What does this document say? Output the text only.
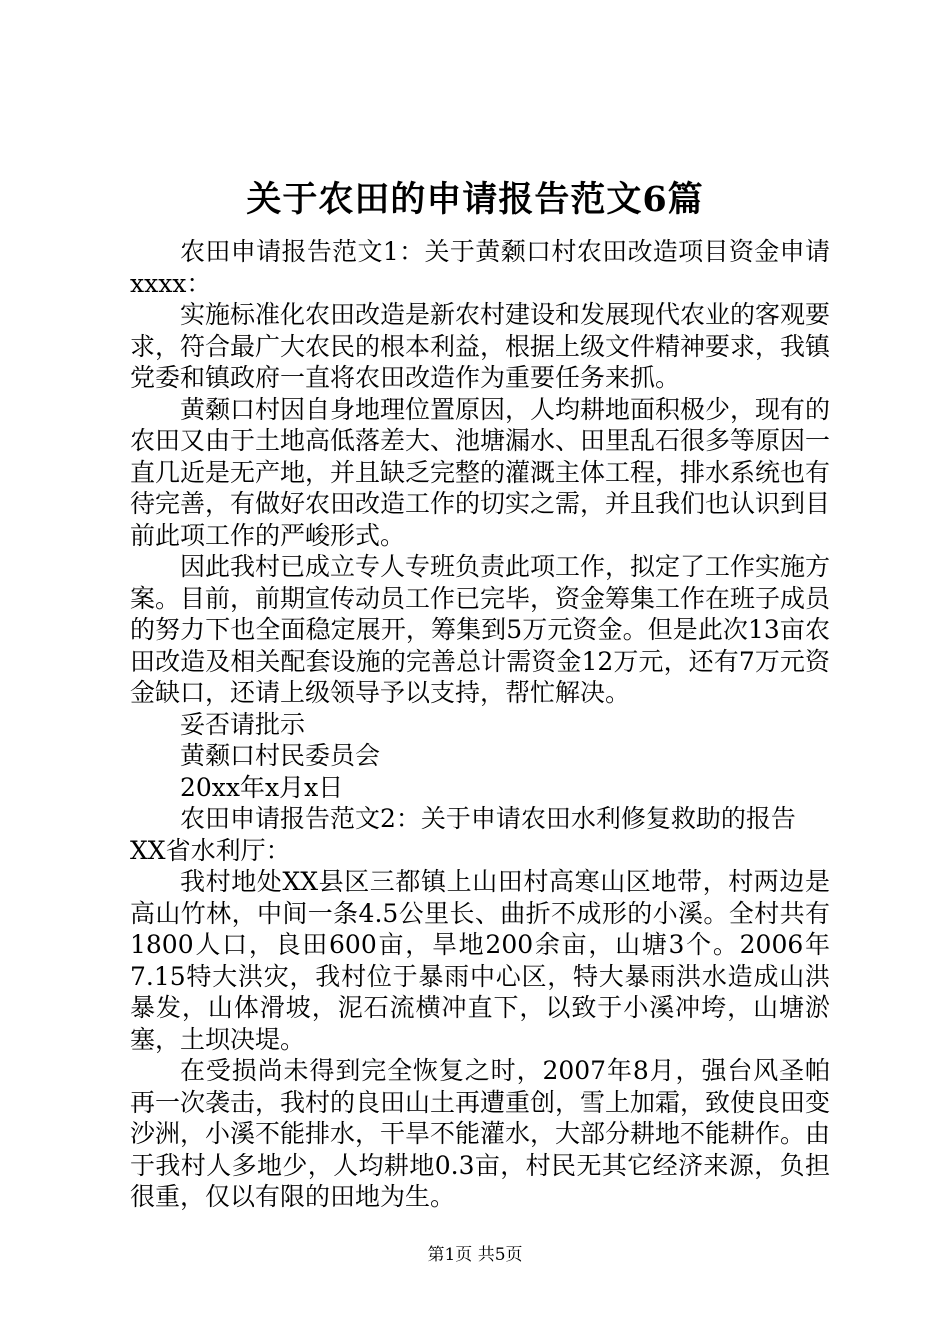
关于农田的申请报告范文6篇

农田申请报告范文1：关于黄颡口村农田改造项目资金申请xxxx：

实施标准化农田改造是新农村建设和发展现代农业的客观要求，符合最广大农民的根本利益，根据上级文件精神要求，我镇党委和镇政府一直将农田改造作为重要任务来抓。

黄颡口村因自身地理位置原因，人均耕地面积极少，现有的农田又由于土地高低落差大、池塘漏水、田里乱石很多等原因一直几近是无产地，并且缺乏完整的灌溉主体工程，排水系统也有待完善，有做好农田改造工作的切实之需，并且我们也认识到目前此项工作的严峻形式。

因此我村已成立专人专班负责此项工作，拟定了工作实施方案。目前，前期宣传动员工作已完毕，资金筹集工作在班子成员的努力下也全面稳定展开，筹集到5万元资金。但是此次13亩农田改造及相关配套设施的完善总计需资金12万元，还有7万元资金缺口，还请上级领导予以支持，帮忙解决。

妥否请批示

黄颡口村民委员会

20xx年x月x日

农田申请报告范文2：关于申请农田水利修复救助的报告

XX省水利厅：

我村地处XX县区三都镇上山田村高寒山区地带，村两边是高山竹林，中间一条4.5公里长、曲折不成形的小溪。全村共有1800人口，良田600亩，旱地200余亩，山塘3个。2006年7.15特大洪灾，我村位于暴雨中心区，特大暴雨洪水造成山洪暴发，山体滑坡，泥石流横冲直下，以致于小溪冲垮，山塘淤塞，土坝决堤。

在受损尚未得到完全恢复之时，2007年8月，强台风圣帕再一次袭击，我村的良田山土再遭重创，雪上加霜，致使良田变沙洲，小溪不能排水，干旱不能灌水，大部分耕地不能耕作。由于我村人多地少，人均耕地0.3亩，村民无其它经济来源，负担很重，仅以有限的田地为生。

第1页 共5页
